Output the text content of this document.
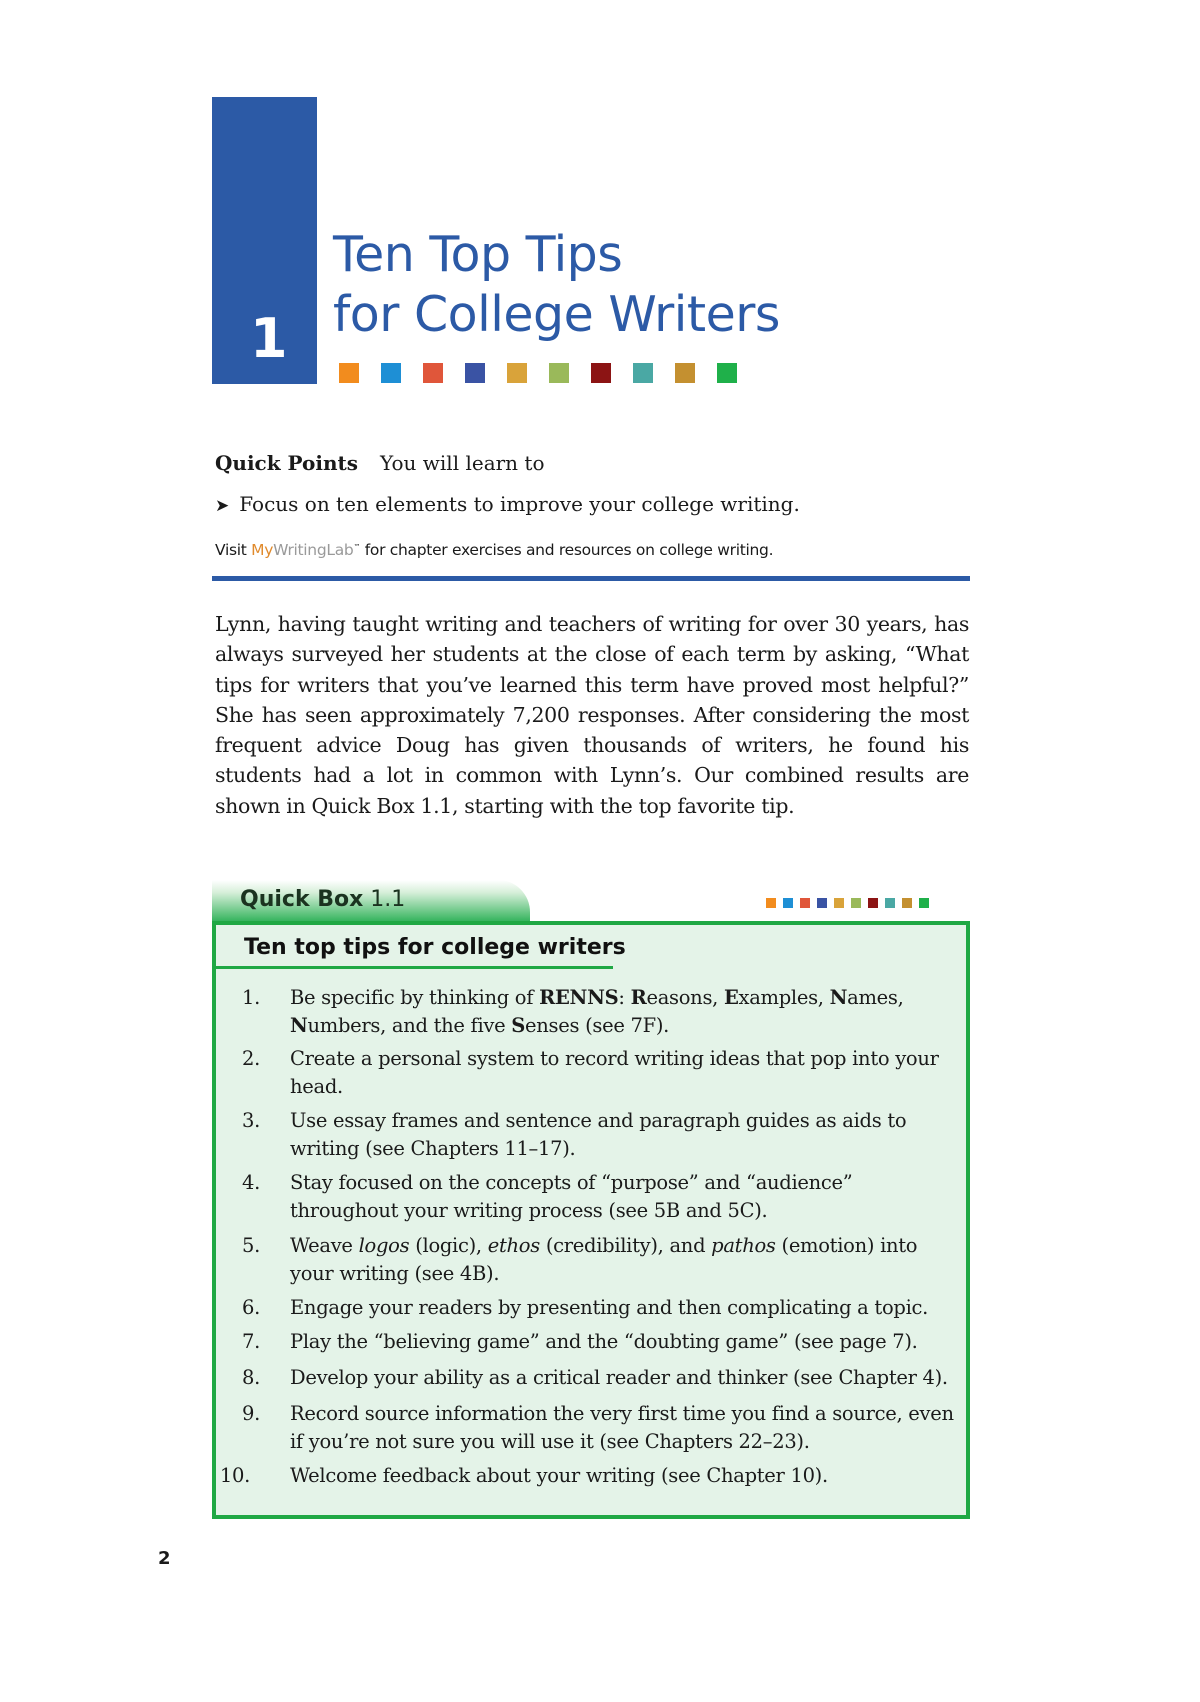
1
Ten Top Tips
for College Writers
Quick Points You will learn to
➤ Focus on ten elements to improve your college writing.
Visit MyWritingLab™ for chapter exercises and resources on college writing.

Lynn, having taught writing and teachers of writing for over 30 years, has always surveyed her students at the close of each term by asking, “What tips for writers that you’ve learned this term have proved most helpful?” She has seen approximately 7,200 responses. After considering the most frequent advice Doug has given thousands of writers, he found his students had a lot in common with Lynn’s. Our combined results are shown in Quick Box 1.1, starting with the top favorite tip.

Quick Box 1.1
Ten top tips for college writers
1. Be specific by thinking of RENNS: Reasons, Examples, Names, Numbers, and the five Senses (see 7F).
2. Create a personal system to record writing ideas that pop into your head.
3. Use essay frames and sentence and paragraph guides as aids to writing (see Chapters 11–17).
4. Stay focused on the concepts of “purpose” and “audience” throughout your writing process (see 5B and 5C).
5. Weave logos (logic), ethos (credibility), and pathos (emotion) into your writing (see 4B).
6. Engage your readers by presenting and then complicating a topic.
7. Play the “believing game” and the “doubting game” (see page 7).
8. Develop your ability as a critical reader and thinker (see Chapter 4).
9. Record source information the very first time you find a source, even if you’re not sure you will use it (see Chapters 22–23).
10. Welcome feedback about your writing (see Chapter 10).
2
